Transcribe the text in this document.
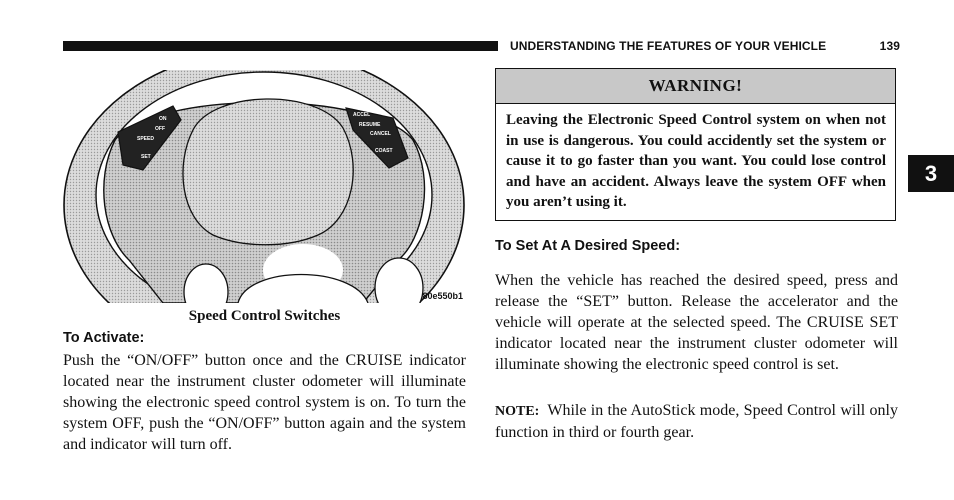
UNDERSTANDING THE FEATURES OF YOUR VEHICLE	139
ON
OFF
SPEED
SET
ACCEL
RESUME
CANCEL
COAST
80e550b1
Speed Control Switches
To Activate:
Push the “ON/OFF” button once and the CRUISE indicator located near the instrument cluster odometer will illuminate showing the electronic speed control system is on. To turn the system OFF, push the “ON/OFF” button again and the system and indicator will turn off.
WARNING!
Leaving the Electronic Speed Control system on when not in use is dangerous. You could accidently set the system or cause it to go faster than you want. You could lose control and have an accident. Always leave the system OFF when you aren’t using it.
To Set At A Desired Speed:
When the vehicle has reached the desired speed, press and release the “SET” button. Release the accelerator and the vehicle will operate at the selected speed. The CRUISE SET indicator located near the instrument cluster odometer will illuminate showing the electronic speed control is set.
NOTE: While in the AutoStick mode, Speed Control will only function in third or fourth gear.
3
